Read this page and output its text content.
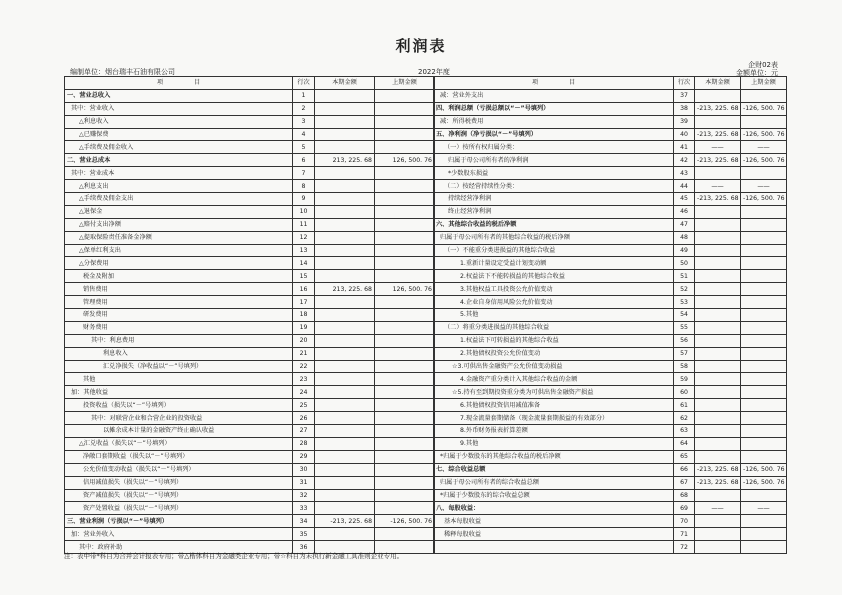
利润表
编制单位：烟台瑞丰石油有限公司	2022年度
企财02表
金额单位：元
项　　　　　目	行次	本期金额	上期金额
一、营业总收入	1		
其中：营业收入	2		
△利息收入	3		
△已赚保费	4		
△手续费及佣金收入	5		
二、营业总成本	6	213, 225. 68	126, 500. 76
其中：营业成本	7		
△利息支出	8		
△手续费及佣金支出	9		
△退保金	10		
△赔付支出净额	11		
△提取保险责任准备金净额	12		
△保单红利支出	13		
△分保费用	14		
税金及附加	15		
销售费用	16	213, 225. 68	126, 500. 76
管理费用	17		
研发费用	18		
财务费用	19		
其中：利息费用	20		
利息收入	21		
汇兑净损失（净收益以“－”号填列）	22		
其他	23		
加：其他收益	24		
投资收益（损失以“－”号填列）	25		
其中：对联营企业和合营企业的投资收益	26		
以摊余成本计量的金融资产终止确认收益	27		
△汇兑收益（损失以“－”号填列）	28		
净敞口套期收益（损失以“－”号填列）	29		
公允价值变动收益（损失以“－”号填列）	30		
信用减值损失（损失以“－”号填列）	31		
资产减值损失（损失以“－”号填列）	32		
资产处置收益（损失以“－”号填列）	33		
三、营业利润（亏损以“－”号填列）	34	-213, 225. 68	-126, 500. 76
加：营业外收入	35		
其中：政府补助	36		
项　　　　　目	行次	本期金额	上期金额
减：营业外支出	37		
四、利润总额（亏损总额以“－”号填列）	38	-213, 225. 68	-126, 500. 76
减：所得税费用	39		
五、净利润（净亏损以“－”号填列）	40	-213, 225. 68	-126, 500. 76
（一）按所有权归属分类：	41	——	——
归属于母公司所有者的净利润	42	-213, 225. 68	-126, 500. 76
*少数股东损益	43		
（二）按经营持续性分类：	44	——	——
持续经营净利润	45	-213, 225. 68	-126, 500. 76
终止经营净利润	46		
六、其他综合收益的税后净额	47		
归属于母公司所有者的其他综合收益的税后净额	48		
（一）不能重分类进损益的其他综合收益	49		
1.重新计量设定受益计划变动额	50		
2.权益法下不能转损益的其他综合收益	51		
3.其他权益工具投资公允价值变动	52		
4.企业自身信用风险公允价值变动	53		
5.其他	54		
（二）将重分类进损益的其他综合收益	55		
1.权益法下可转损益的其他综合收益	56		
2.其他债权投资公允价值变动	57		
☆3.可供出售金融资产公允价值变动损益	58		
4.金融资产重分类计入其他综合收益的金额	59		
☆5.持有至到期投资重分类为可供出售金融资产损益	60		
6.其他债权投资信用减值准备	61		
7.现金流量套期储备（现金流量套期损益的有效部分）	62		
8.外币财务报表折算差额	63		
9.其他	64		
*归属于少数股东的其他综合收益的税后净额	65		
七、综合收益总额	66	-213, 225. 68	-126, 500. 76
归属于母公司所有者的综合收益总额	67	-213, 225. 68	-126, 500. 76
*归属于少数股东的综合收益总额	68		
八、每股收益：	69	——	——
基本每股收益	70		
稀释每股收益	71		
	72		
注：表中带*科目为合并会计报表专用；带△楷体科目为金融类企业专用；带☆科目为未执行新金融工具准则企业专用。
